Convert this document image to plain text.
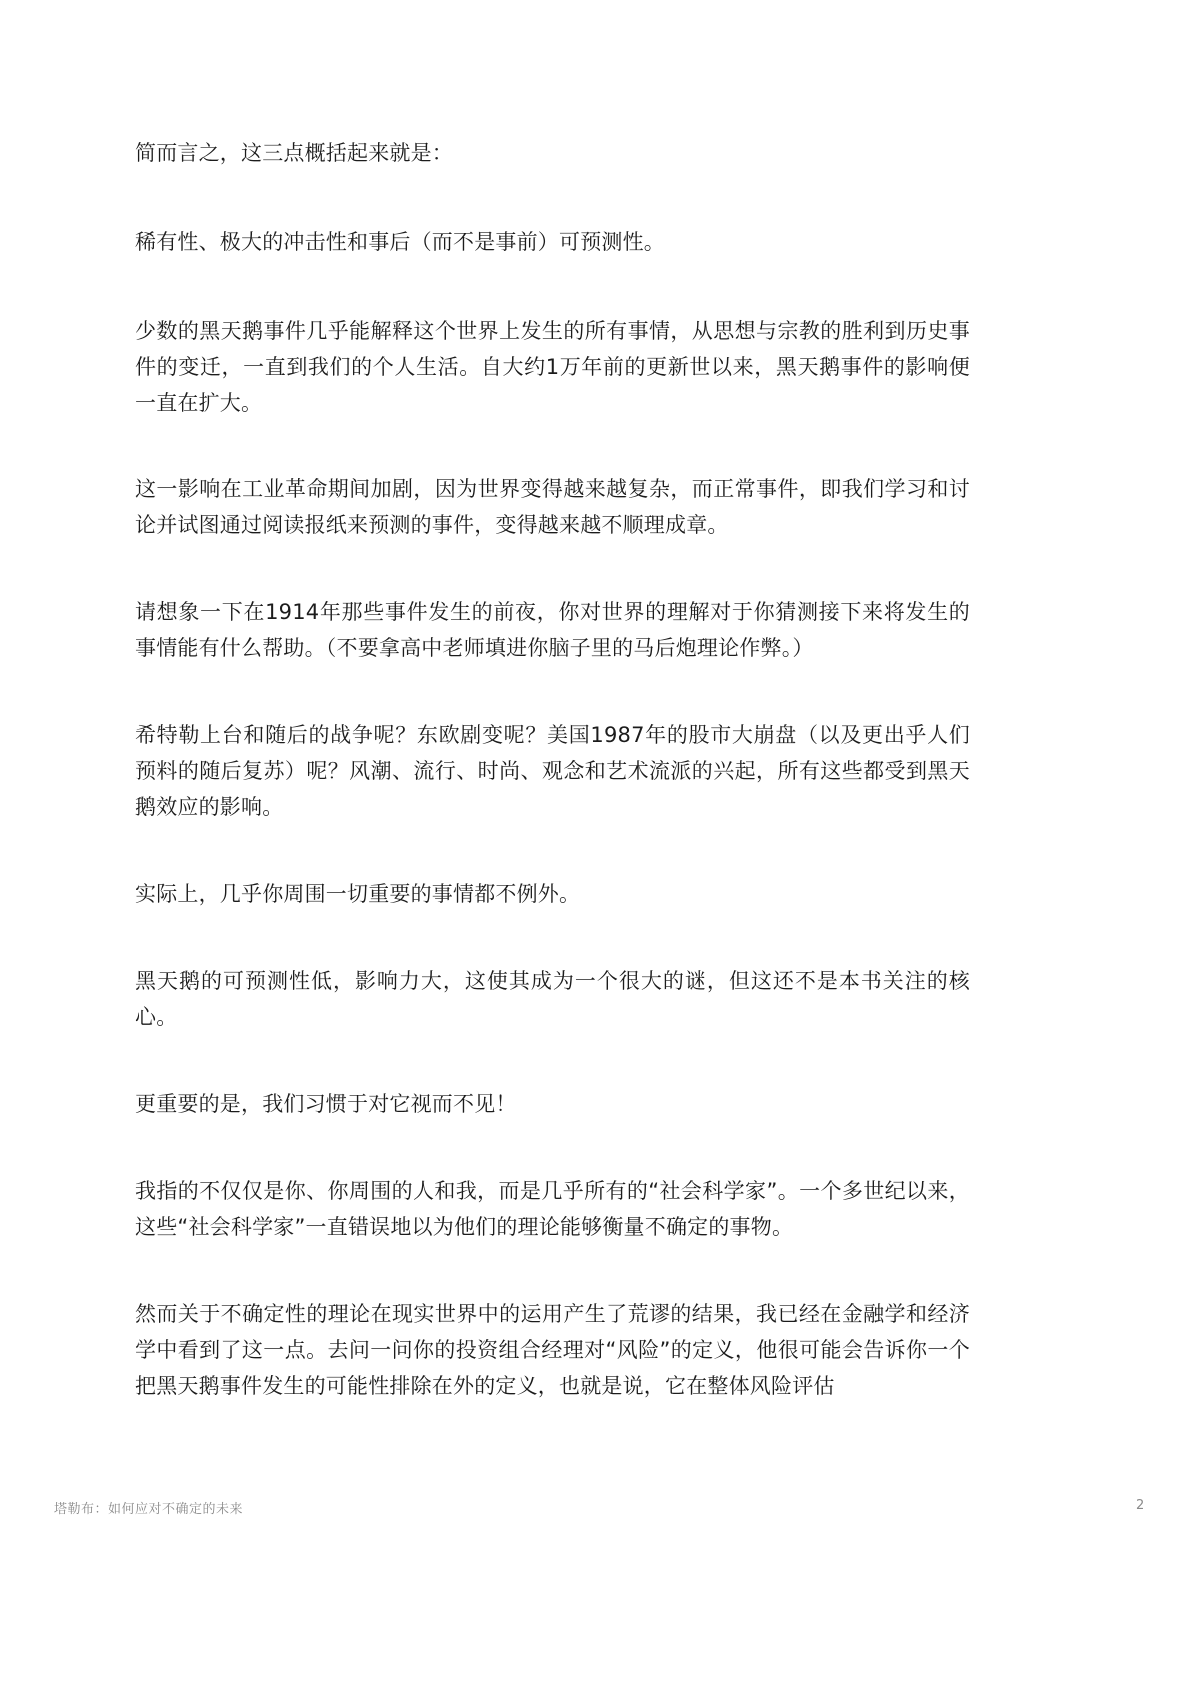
简而言之，这三点概括起来就是：

稀有性、极大的冲击性和事后（而不是事前）可预测性。

少数的黑天鹅事件几乎能解释这个世界上发生的所有事情，从思想与宗教的胜利到历史事件的变迁，一直到我们的个人生活。自大约1万年前的更新世以来，黑天鹅事件的影响便一直在扩大。

这一影响在工业革命期间加剧，因为世界变得越来越复杂，而正常事件，即我们学习和讨论并试图通过阅读报纸来预测的事件，变得越来越不顺理成章。

请想象一下在1914年那些事件发生的前夜，你对世界的理解对于你猜测接下来将发生的事情能有什么帮助。（不要拿高中老师填进你脑子里的马后炮理论作弊。）

希特勒上台和随后的战争呢？东欧剧变呢？美国1987年的股市大崩盘（以及更出乎人们预料的随后复苏）呢？风潮、流行、时尚、观念和艺术流派的兴起，所有这些都受到黑天鹅效应的影响。

实际上，几乎你周围一切重要的事情都不例外。

黑天鹅的可预测性低，影响力大，这使其成为一个很大的谜，但这还不是本书关注的核心。

更重要的是，我们习惯于对它视而不见！

我指的不仅仅是你、你周围的人和我，而是几乎所有的“社会科学家”。一个多世纪以来，这些“社会科学家”一直错误地以为他们的理论能够衡量不确定的事物。

然而关于不确定性的理论在现实世界中的运用产生了荒谬的结果，我已经在金融学和经济学中看到了这一点。去问一问你的投资组合经理对“风险”的定义，他很可能会告诉你一个把黑天鹅事件发生的可能性排除在外的定义，也就是说，它在整体风险评估

塔勒布：如何应对不确定的未来	2
